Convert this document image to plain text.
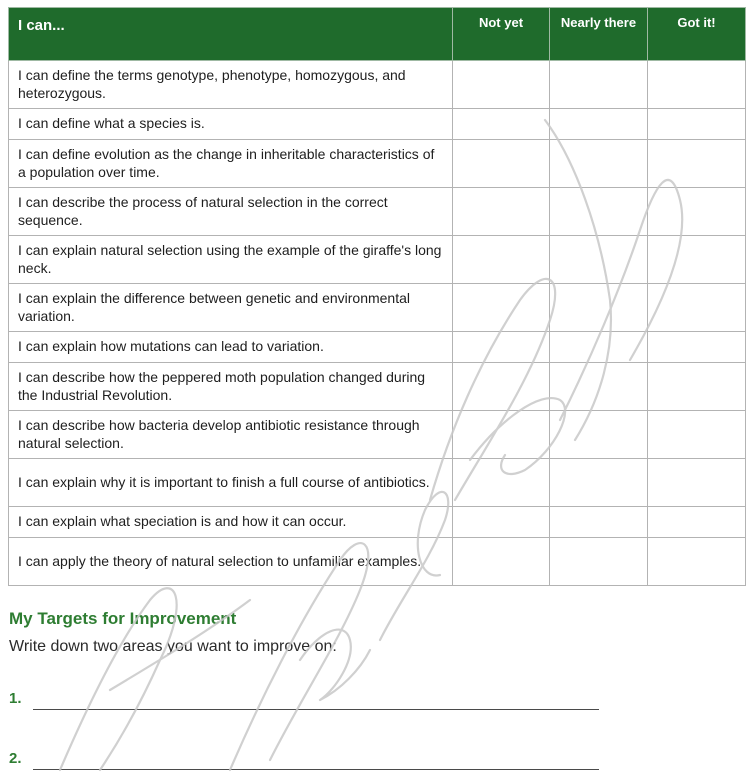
I can...	Not yet	Nearly there	Got it!
I can define the terms genotype, phenotype, homozygous, and heterozygous.			
I can define what a species is.			
I can define evolution as the change in inheritable characteristics of a population over time.			
I can describe the process of natural selection in the correct sequence.			
I can explain natural selection using the example of the giraffe's long neck.			
I can explain the difference between genetic and environmental variation.			
I can explain how mutations can lead to variation.			
I can describe how the peppered moth population changed during the Industrial Revolution.			
I can describe how bacteria develop antibiotic resistance through natural selection.			
I can explain why it is important to finish a full course of antibiotics.			
I can explain what speciation is and how it can occur.			
I can apply the theory of natural selection to unfamiliar examples.			
My Targets for Improvement

Write down two areas you want to improve on:

1.
2.
